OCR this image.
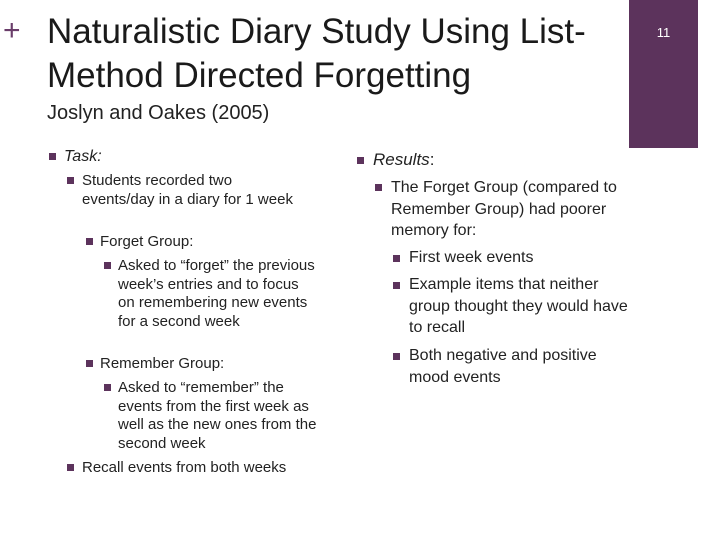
+ Naturalistic Diary Study Using List-Method Directed Forgetting
Joslyn and Oakes (2005)
11

Task:

Students recorded two events/day in a diary for 1 week

Forget Group:

Asked to “forget” the previous week’s entries and to focus on remembering new events for a second week

Remember Group:

Asked to “remember” the events from the first week as well as the new ones from the second week

Recall events from both weeks

Results:

The Forget Group (compared to Remember Group) had poorer memory for:

First week events

Example items that neither group thought they would have to recall

Both negative and positive mood events
